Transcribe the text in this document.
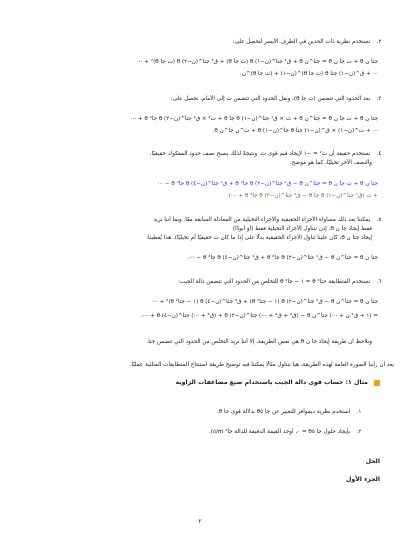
٢. نستخدم نظرية ذات الحدين في الطرف الأيسر لنحصل على:
جتا ن θ + ت جا ن θ = جتا^ن θ + ق¹ جتا^(ن−١) θ (ت جا θ) + ق² جتا^(ن−٢) θ (ت جا θ)² + ⋯
⋯ + ق^(ن−١) جتا θ (ت جا θ)^(ن−١) + (ت جا θ)^ن.
٣. بعد الحدود التي تتضمن (ت جا θ)، ونقل الحدود التي تتضمن ت إلى الأمام، نحصل على:
جتا ن θ + ت جا ن θ = جتا^ن θ + ت × ق¹ جتا^(ن−١) θ جا θ + ت² × ق² جتا^(ن−٢) θ جا² θ + ⋯
⋯ + ت^(ن−١) × ق^(ن−١) جتا θ جا^(ن−١) θ + ت^ن جا^ن θ.
٤. نستخدم حقيقة أن ت² = −١ لإيجاد قيم قوى ت. ونتيجةً لذلك يصبح نصف حدود المفكوك حقيقيًا،
والنصف الآخر تخيليًا، كما هو موضح:
جتا ن θ + ت جا ن θ = جتا^ن θ − ق² جتا^(ن−٢) θ جا² θ + ق⁴ جتا^(ن−٤) θ جا⁴ θ − ⋯
+ ت (ق¹ جتا^(ن−١) θ جا θ − ق³ جتا^(ن−٣) θ جا³ θ + ⋯).
٥. يمكننا بعد ذلك مساواة الأجزاء الحقيقية والأجزاء التخيلية من المعادلة السابقة معًا. وبما أننا نريد
فقط إيجاد جا ن θ، إذن نتناول الأجزاء التخيلية فقط (أو أبودًا)
إيجاد جتا ن θ، كان علينا تناول الأجزاء الحقيقية بدلًا على إذا ما كان ت حقيقيًا أم تخيليًا). هذا يُعطينا:
جتا ن θ = جتا^ن θ − ق² جتا^(ن−٢) θ جا² θ + ق⁴ جتا^(ن−٤) θ جا⁴ θ − ⋯.
٦. نستخدم المتطابقة جتا² θ = ١ − جا² θ للتخلص من الحدود التي تتضمن دالة الجيب:
جتا ن θ = جتا^ن θ − ق² جتا^(ن−٢) θ (١ − جتا² θ) + ق⁴ جتا^(ن−٤) θ (١ − جتا² θ)² + ⋯
= (١ + ق² ن + ⋯) جتا^ن θ − (ق² + ق⁴ + ⋯) جتا^(ن−٢) θ + (ق⁴ + ⋯) جتا^(ن−٤) θ + ⋯.
ونلاحظ أن طريقة إيجاد جا ن θ هي نفس الطريقة، إلا أننا نريد التخلص من الحدود التي تتضمن جتا.
بعد أن رأينا الصورة العامة لهذه الطريقة، هيا نتناول مثالًا يمكننا فيه توضيح طريقة استنتاج المتطابقات المثلثية عمليًا.
مثال ١: حساب قوى دالة الجيب باستخدام صيغ مضاعفات الزاوية
١. استخدم نظرية ديموافر للتعبير عن جا θ٥ بدلالة قوى جا θ.
٢. بإيجاد حلول جا θ٥ = ٠، أوجد القيمة الدقيقة للدالة جا² (π/٥).
الحل
الجزء الأول
٢
